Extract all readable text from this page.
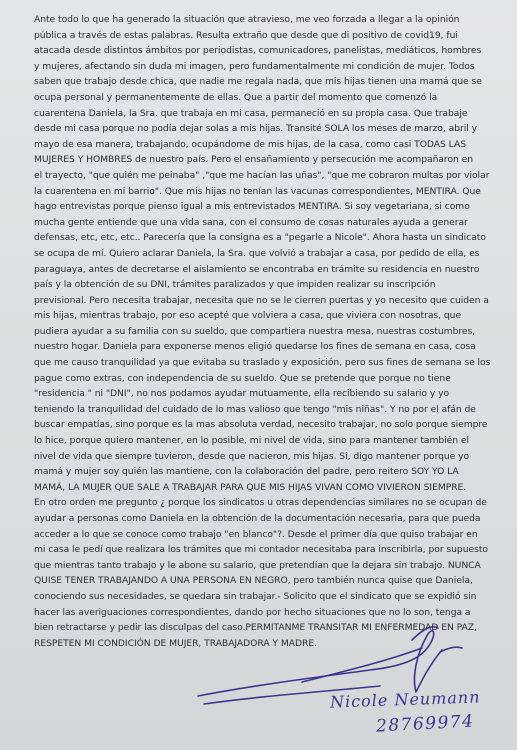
Ante todo lo que ha generado la situación que atravieso, me veo forzada a llegar a la opinión
pública a través de estas palabras. Resulta extraño que desde que di positivo de covid19, fui
atacada desde distintos ámbitos por periodistas, comunicadores, panelistas, mediáticos, hombres
y mujeres, afectando sin duda mi imagen, pero fundamentalmente mi condición de mujer. Todos
saben que trabajo desde chica, que nadie me regala nada, que mis hijas tienen una mamá que se
ocupa personal y permanentemente de ellas. Que a partir del momento que comenzó la
cuarentena Daniela, la Sra. que trabaja en mi casa, permaneció en su propia casa. Que trabaje
desde mi casa porque no podía dejar solas a mis hijas. Transité SOLA los meses de marzo, abril y
mayo de esa manera, trabajando, ocupándome de mis hijas, de la casa, como casi TODAS LAS
MUJERES Y HOMBRES de nuestro país. Pero el ensañamiento y persecución me acompañaron en
el trayecto, "que quién me peinaba" ,"que me hacían las uñas", "que me cobraron multas por violar
la cuarentena en mi barrio". Que mis hijas no tenían las vacunas correspondientes, MENTIRA. Que
hago entrevistas porque pienso igual a mis entrevistados MENTIRA. Si soy vegetariana, si como
mucha gente entiende que una vida sana, con el consumo de cosas naturales ayuda a generar
defensas, etc, etc, etc.. Parecería que la consigna es a "pegarle a Nicole". Ahora hasta un sindicato
se ocupa de mí. Quiero aclarar Daniela, la Sra. que volvió a trabajar a casa, por pedido de ella, es
paraguaya, antes de decretarse el aislamiento se encontraba en trámite su residencia en nuestro
país y la obtención de su DNI, trámites paralizados y que impiden realizar su inscripción
previsional. Pero necesita trabajar, necesita que no se le cierren puertas y yo necesito que cuiden a
mis hijas, mientras trabajo, por eso acepté que volviera a casa, que viviera con nosotras, que
pudiera ayudar a su familia con su sueldo, que compartiera nuestra mesa, nuestras costumbres,
nuestro hogar. Daniela para exponerse menos eligió quedarse los fines de semana en casa, cosa
que me causo tranquilidad ya que evitaba su traslado y exposición, pero sus fines de semana se los
pague como extras, con independencia de su sueldo. Que se pretende que porque no tiene
"residencia " ni "DNI", no nos podamos ayudar mutuamente, ella recibiendo su salario y yo
teniendo la tranquilidad del cuidado de lo mas valioso que tengo "mis niñas". Y no por el afán de
buscar empatías, sino porque es la mas absoluta verdad, necesito trabajar, no solo porque siempre
lo hice, porque quiero mantener, en lo posible, mi nivel de vida, sino para mantener también el
nivel de vida que siempre tuvieron, desde que nacieron, mis hijas. Si, digo mantener porque yo
mamá y mujer soy quién las mantiene, con la colaboración del padre, pero reitero SOY YO LA
MAMÁ, LA MUJER QUE SALE A TRABAJAR PARA QUE MIS HIJAS VIVAN COMO VIVIERON SIEMPRE.
En otro orden me pregunto ¿ porque los sindicatos u otras dependencias similares no se ocupan de
ayudar a personas como Daniela en la obtención de la documentación necesaria, para que pueda
acceder a lo que se conoce como trabajo "en blanco"?. Desde el primer día que quiso trabajar en
mi casa le pedí que realizara los trámites que mi contador necesitaba para inscribirla, por supuesto
que mientras tanto trabajo y le abone su salario, que pretendían que la dejara sin trabajo. NUNCA
QUISE TENER TRABAJANDO A UNA PERSONA EN NEGRO, pero también nunca quise que Daniela,
conociendo sus necesidades, se quedara sin trabajar.- Solicito que el sindicato que se expidió sin
hacer las averiguaciones correspondientes, dando por hecho situaciones que no lo son, tenga a
bien retractarse y pedir las disculpas del caso.PERMITANME TRANSITAR MI ENFERMEDAD EN PAZ,
RESPETEN MI CONDICIÓN DE MUJER, TRABAJADORA Y MADRE.
Nicole Neumann
28769974
